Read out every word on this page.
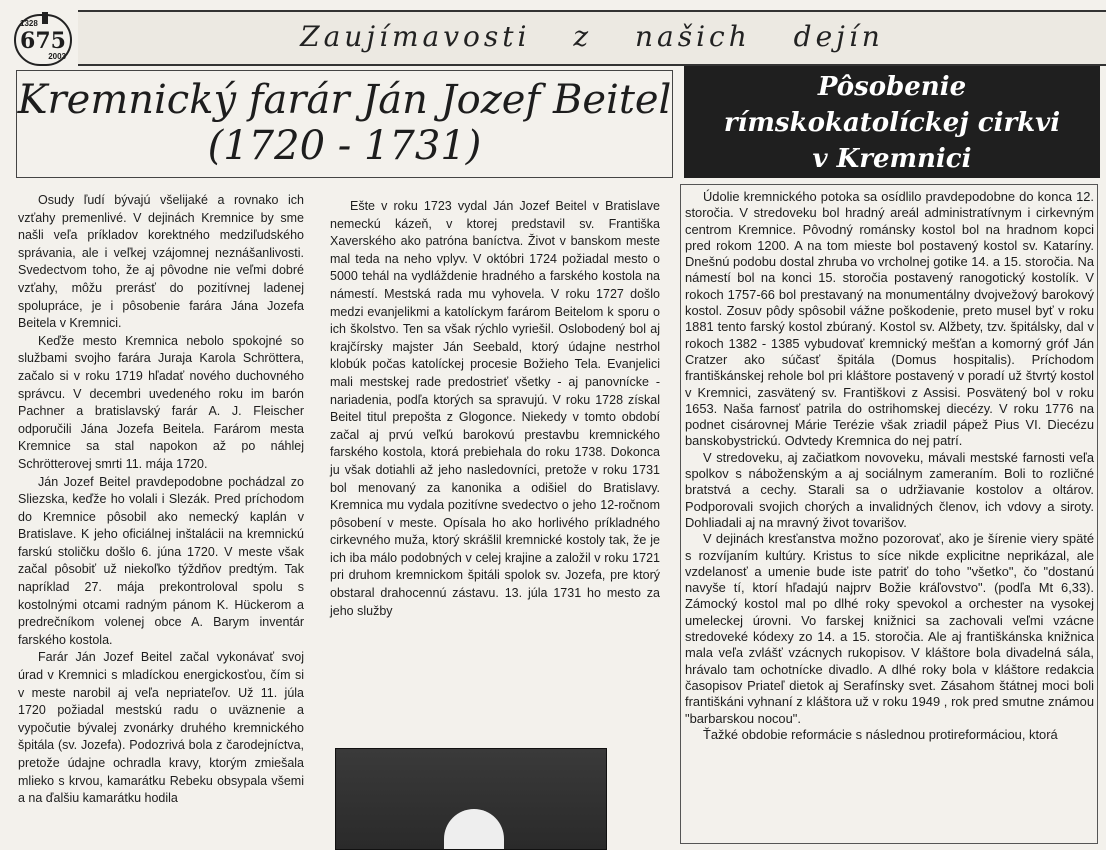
1328
675
2003
Zaujímavosti z našich dejín
Kremnický farár Ján Jozef Beitel
(1720 - 1731)

Osudy ľudí bývajú všelijaké a rovnako ich vzťahy premenlivé. V dejinách Kremnice by sme našli veľa príkladov korektného medziľudského správania, ale i veľkej vzájomnej neznášanlivosti. Svedectvom toho, že aj pôvodne nie veľmi dobré vzťahy, môžu prerásť do pozitívnej ladenej spolupráce, je i pôsobenie farára Jána Jozefa Beitela v Kremnici.

Keďže mesto Kremnica nebolo spokojné so službami svojho farára Juraja Karola Schröttera, začalo si v roku 1719 hľadať nového duchovného správcu. V decembri uvedeného roku im barón Pachner a bratislavský farár A. J. Fleischer odporučili Jána Jozefa Beitela. Farárom mesta Kremnice sa stal napokon až po náhlej Schrötterovej smrti 11. mája 1720.

Ján Jozef Beitel pravdepodobne pochádzal zo Sliezska, keďže ho volali i Slezák. Pred príchodom do Kremnice pôsobil ako nemecký kaplán v Bratislave. K jeho oficiálnej inštalácii na kremnickú farskú stoličku došlo 6. júna 1720. V meste však začal pôsobiť už niekoľko týždňov predtým. Tak napríklad 27. mája prekontroloval spolu s kostolnými otcami radným pánom K. Hückerom a predrečníkom volenej obce A. Barym inventár farského kostola.

Farár Ján Jozef Beitel začal vykonávať svoj úrad v Kremnici s mladíckou energickosťou, čím si v meste narobil aj veľa nepriateľov. Už 11. júla 1720 požiadal mestskú radu o uväznenie a vypočutie bývalej zvonárky druhého kremnického špitála (sv. Jozefa). Podozrivá bola z čarodejníctva, pretože údajne ochradla kravy, ktorým zmiešala mlieko s krvou, kamarátku Rebeku obsypala všemi a na ďalšiu kamarátku hodila

Ešte v roku 1723 vydal Ján Jozef Beitel v Bratislave nemeckú kázeň, v ktorej predstavil sv. Františka Xaverského ako patróna baníctva. Život v banskom meste mal teda na neho vplyv. V októbri 1724 požiadal mesto o 5000 tehál na vydláždenie hradného a farského kostola na námestí. Mestská rada mu vyhovela. V roku 1727 došlo medzi evanjelikmi a katolíckym farárom Beitelom k sporu o ich školstvo. Ten sa však rýchlo vyriešil. Oslobodený bol aj krajčírsky majster Ján Seebald, ktorý údajne nestrhol klobúk počas katolíckej procesie Božieho Tela. Evanjelici mali mestskej rade predostrieť všetky - aj panovnícke - nariadenia, podľa ktorých sa spravujú. V roku 1728 získal Beitel titul prepošta z Glogonce. Niekedy v tomto období začal aj prvú veľkú barokovú prestavbu kremnického farského kostola, ktorá prebiehala do roku 1738. Dokonca ju však dotiahli až jeho nasledovníci, pretože v roku 1731 bol menovaný za kanonika a odišiel do Bratislavy. Kremnica mu vydala pozitívne svedectvo o jeho 12-ročnom pôsobení v meste. Opísala ho ako horlivého príkladného cirkevného muža, ktorý skrášlil kremnické kostoly tak, že je ich iba málo podobných v celej krajine a založil v roku 1721 pri druhom kremnickom špitáli spolok sv. Jozefa, pre ktorý obstaral drahocennú zástavu. 13. júla 1731 ho mesto za jeho služby

Pôsobenie
rímskokatolíckej cirkvi
v Kremnici

Údolie kremnického potoka sa osídlilo pravdepodobne do konca 12. storočia. V stredoveku bol hradný areál administratívnym i cirkevným centrom Kremnice. Pôvodný románsky kostol bol na hradnom kopci pred rokom 1200. A na tom mieste bol postavený kostol sv. Kataríny. Dnešnú podobu dostal zhruba vo vrcholnej gotike 14. a 15. storočia. Na námestí bol na konci 15. storočia postavený ranogotický kostolík. V rokoch 1757-66 bol prestavaný na monumentálny dvojvežový barokový kostol. Zosuv pôdy spôsobil vážne poškodenie, preto musel byť v roku 1881 tento farský kostol zbúraný. Kostol sv. Alžbety, tzv. špitálsky, dal v rokoch 1382 - 1385 vybudovať kremnický mešťan a komorný gróf Ján Cratzer ako súčasť špitála (Domus hospitalis). Príchodom františkánskej rehole bol pri kláštore postavený v poradí už štvrtý kostol v Kremnici, zasvätený sv. Františkovi z Assisi. Posvätený bol v roku 1653. Naša farnosť patrila do ostrihomskej diecézy. V roku 1776 na podnet cisárovnej Márie Terézie však zriadil pápež Pius VI. Diecézu banskobystrickú. Odvtedy Kremnica do nej patrí.

V stredoveku, aj začiatkom novoveku, mávali mestské farnosti veľa spolkov s náboženským a aj sociálnym zameraním. Boli to rozličné bratstvá a cechy. Starali sa o udržiavanie kostolov a oltárov. Podporovali svojich chorých a invalidných členov, ich vdovy a siroty. Dohliadali aj na mravný život tovarišov.

V dejinách kresťanstva možno pozorovať, ako je šírenie viery späté s rozvíjaním kultúry. Kristus to síce nikde explicitne neprikázal, ale vzdelanosť a umenie bude iste patriť do toho "všetko", čo "dostanú navyše tí, ktorí hľadajú najprv Božie kráľovstvo". (podľa Mt 6,33). Zámocký kostol mal po dlhé roky spevokol a orchester na vysokej umeleckej úrovni. Vo farskej knižnici sa zachovali veľmi vzácne stredoveké kódexy zo 14. a 15. storočia. Ale aj františkánska knižnica mala veľa zvlášť vzácnych rukopisov. V kláštore bola divadelná sála, hrávalo tam ochotnícke divadlo. A dlhé roky bola v kláštore redakcia časopisov Priateľ dietok aj Serafínsky svet. Zásahom štátnej moci boli františkáni vyhnaní z kláštora už v roku 1949 , rok pred smutne známou "barbarskou nocou".

Ťažké obdobie reformácie s následnou protireformáciou, ktorá
